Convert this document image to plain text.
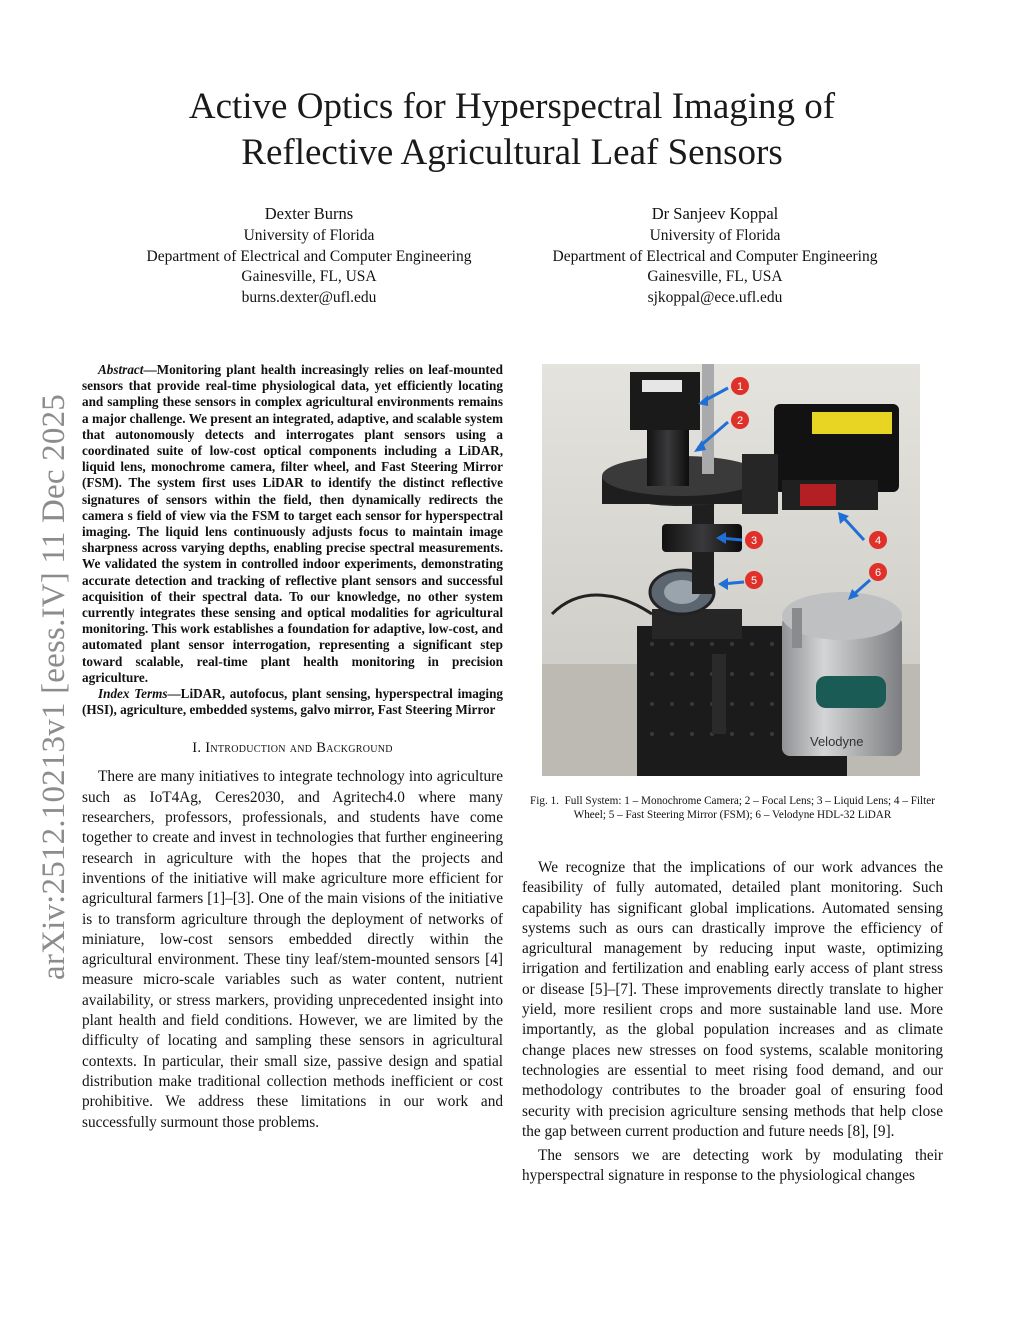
Active Optics for Hyperspectral Imaging of
Reflective Agricultural Leaf Sensors
Dexter Burns
University of Florida
Department of Electrical and Computer Engineering
Gainesville, FL, USA
burns.dexter@ufl.edu
Dr Sanjeev Koppal
University of Florida
Department of Electrical and Computer Engineering
Gainesville, FL, USA
sjkoppal@ece.ufl.edu
arXiv:2512.10213v1 [eess.IV] 11 Dec 2025

Abstract—Monitoring plant health increasingly relies on leaf-mounted sensors that provide real-time physiological data, yet efficiently locating and sampling these sensors in complex agricultural environments remains a major challenge. We present an integrated, adaptive, and scalable system that autonomously detects and interrogates plant sensors using a coordinated suite of low-cost optical components including a LiDAR, liquid lens, monochrome camera, filter wheel, and Fast Steering Mirror (FSM). The system first uses LiDAR to identify the distinct reflective signatures of sensors within the field, then dynamically redirects the camera s field of view via the FSM to target each sensor for hyperspectral imaging. The liquid lens continuously adjusts focus to maintain image sharpness across varying depths, enabling precise spectral measurements. We validated the system in controlled indoor experiments, demonstrating accurate detection and tracking of reflective plant sensors and successful acquisition of their spectral data. To our knowledge, no other system currently integrates these sensing and optical modalities for agricultural monitoring. This work establishes a foundation for adaptive, low-cost, and automated plant sensor interrogation, representing a significant step toward scalable, real-time plant health monitoring in precision agriculture.

Index Terms—LiDAR, autofocus, plant sensing, hyperspectral imaging (HSI), agriculture, embedded systems, galvo mirror, Fast Steering Mirror

I. Introduction and Background

There are many initiatives to integrate technology into agriculture such as IoT4Ag, Ceres2030, and Agritech4.0 where many researchers, professors, professionals, and students have come together to create and invest in technologies that further engineering research in agriculture with the hopes that the projects and inventions of the initiative will make agriculture more efficient for agricultural farmers [1]–[3]. One of the main visions of the initiative is to transform agriculture through the deployment of networks of miniature, low-cost sensors embedded directly within the agricultural environment. These tiny leaf/stem-mounted sensors [4] measure micro-scale variables such as water content, nutrient availability, or stress markers, providing unprecedented insight into plant health and field conditions. However, we are limited by the difficulty of locating and sampling these sensors in agricultural contexts. In particular, their small size, passive design and spatial distribution make traditional collection methods inefficient or cost prohibitive. We address these limitations in our work and successfully surmount those problems.

Velodyne
1
2
3	4
5
6
Fig. 1. Full System: 1 – Monochrome Camera; 2 – Focal Lens; 3 – Liquid Lens; 4 – Filter Wheel; 5 – Fast Steering Mirror (FSM); 6 – Velodyne HDL-32 LiDAR

We recognize that the implications of our work advances the feasibility of fully automated, detailed plant monitoring. Such capability has significant global implications. Automated sensing systems such as ours can drastically improve the efficiency of agricultural management by reducing input waste, optimizing irrigation and fertilization and enabling early access of plant stress or disease [5]–[7]. These improvements directly translate to higher yield, more resilient crops and more sustainable land use. More importantly, as the global population increases and as climate change places new stresses on food systems, scalable monitoring technologies are essential to meet rising food demand, and our methodology contributes to the broader goal of ensuring food security with precision agriculture sensing methods that help close the gap between current production and future needs [8], [9].

The sensors we are detecting work by modulating their hyperspectral signature in response to the physiological changes
